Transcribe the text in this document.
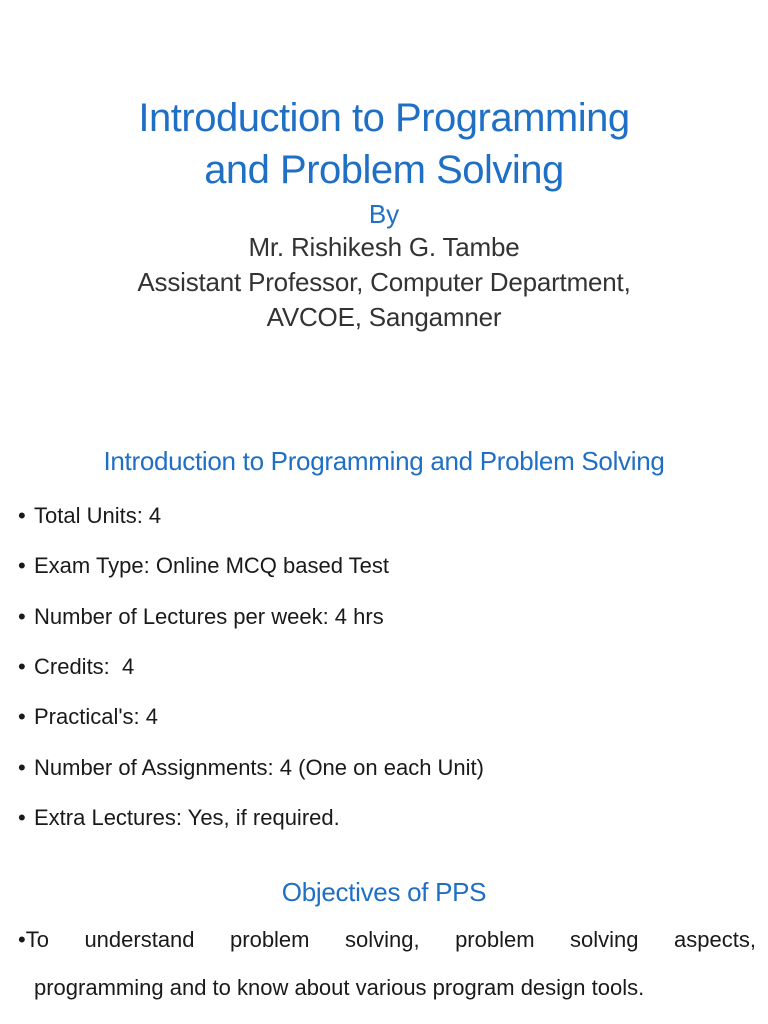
Introduction to Programming
and Problem Solving
By
Mr. Rishikesh G. Tambe
Assistant Professor, Computer Department,
AVCOE, Sangamner
Introduction to Programming and Problem Solving
• Total Units: 4
• Exam Type: Online MCQ based Test
• Number of Lectures per week: 4 hrs
• Credits:  4
• Practical's: 4
• Number of Assignments: 4 (One on each Unit)
• Extra Lectures: Yes, if required.
Objectives of PPS
•To understand problem solving, problem solving aspects,
programming and to know about various program design tools.
